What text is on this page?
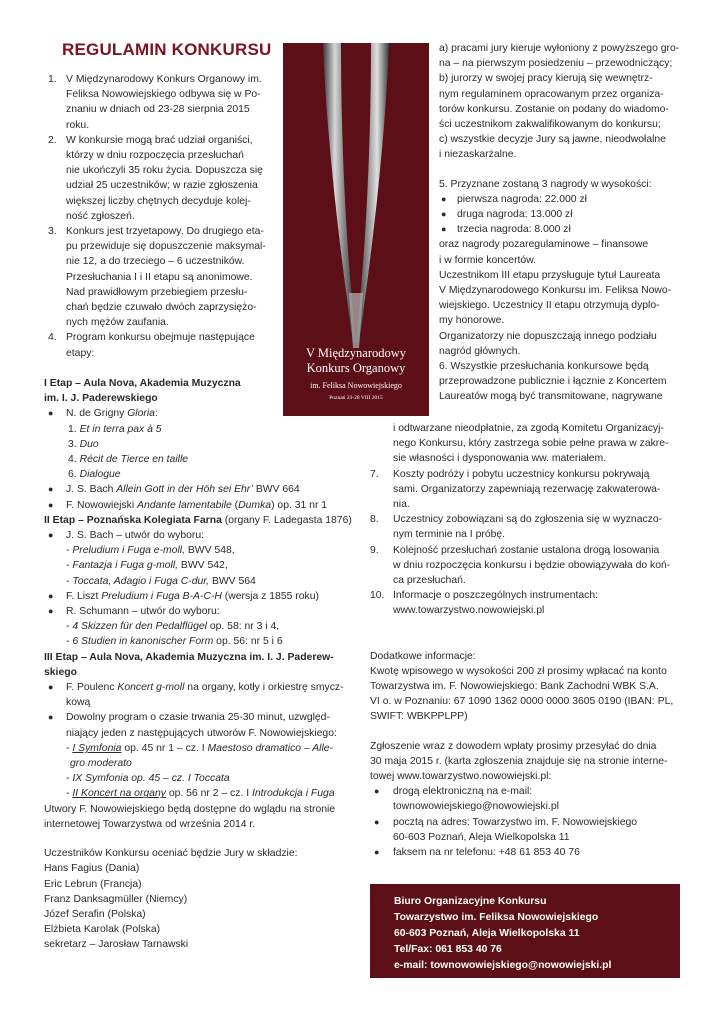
REGULAMIN KONKURSU
V Międzynarodowy
Konkurs Organowy
im. Feliksa Nowowiejskiego
Poznań 23-28 VIII 2015
1. V Międzynarodowy Konkurs Organowy im.
Feliksa Nowowiejskiego odbywa się w Po-
znaniu w dniach od 23-28 sierpnia 2015
roku.
2. W konkursie mogą brać udział organiści,
którzy w dniu rozpoczęcia przesłuchań
nie ukończyli 35 roku życia. Dopuszcza się
udział 25 uczestników; w razie zgłoszenia
większej liczby chętnych decyduje kolej-
ność zgłoszeń.
3. Konkurs jest trzyetapowy. Do drugiego eta-
pu przewiduje się dopuszczenie maksymal-
nie 12, a do trzeciego – 6 uczestników.
Przesłuchania I i II etapu są anonimowe.
Nad prawidłowym przebiegiem przesłu-
chań będzie czuwało dwóch zaprzysiężo-
nych mężów zaufania.
4. Program konkursu obejmuje następujące
etapy:
I Etap – Aula Nova, Akademia Muzyczna
im. I. J. Paderewskiego
● N. de Grigny Gloria:
1. Et in terra pax à 5
3. Duo
4. Récit de Tierce en taille
6. Dialogue
● J. S. Bach Allein Gott in der Höh sei Ehr’ BWV 664
● F. Nowowiejski Andante lamentabile (Dumka) op. 31 nr 1
II Etap – Poznańska Kolegiata Farna (organy F. Ladegasta 1876)
● J. S. Bach – utwór do wyboru:
- Preludium i Fuga e-moll, BWV 548,
- Fantazja i Fuga g-moll, BWV 542,
- Toccata, Adagio i Fuga C-dur, BWV 564
● F. Liszt Preludium i Fuga B-A-C-H (wersja z 1855 roku)
● R. Schumann – utwór do wyboru:
- 4 Skizzen für den Pedalflügel op. 58: nr 3 i 4,
- 6 Studien in kanonischer Form op. 56: nr 5 i 6
III Etap – Aula Nova, Akademia Muzyczna im. I. J. Paderew-
skiego
● F. Poulenc Koncert g-moll na organy, kotły i orkiestrę smycz-
kową
● Dowolny program o czasie trwania 25-30 minut, uzwględ-
niający jeden z następujących utworów F. Nowowiejskiego:
- I Symfonia op. 45 nr 1 – cz. I Maestoso dramatico – Alle-
gro moderato
- IX Symfonia op. 45 – cz. I Toccata
- II Koncert na organy op. 56 nr 2 – cz. I Introdukcja i Fuga
Utwory F. Nowowiejskiego będą dostępne do wglądu na stronie
internetowej Towarzystwa od września 2014 r.
Uczestników Konkursu oceniać będzie Jury w składzie:
Hans Fagius (Dania)
Eric Lebrun (Francja)
Franz Danksagmüller (Niemcy)
Józef Serafin (Polska)
Elżbieta Karolak (Polska)
sekretarz – Jarosław Tarnawski
a) pracami jury kieruje wyłoniony z powyższego gro-
na – na pierwszym posiedzeniu – przewodniczący;
b) jurorzy w swojej pracy kierują się wewnętrz-
nym regulaminem opracowanym przez organiza-
torów konkursu. Zostanie on podany do wiadomo-
ści uczestnikom zakwalifikowanym do konkursu;
c) wszystkie decyzje Jury są jawne, nieodwołalne
i niezaskarżalne.
5. Przyznane zostaną 3 nagrody w wysokości:
● pierwsza nagroda: 22.000 zł
● druga nagroda: 13.000 zł
● trzecia nagroda: 8.000 zł
oraz nagrody pozaregulaminowe – finansowe
i w formie koncertów.
Uczestnikom III etapu przysługuje tytuł Laureata
V Międzynarodowego Konkursu im. Feliksa Nowo-
wiejskiego. Uczestnicy II etapu otrzymują dyplo-
my honorowe.
Organizatorzy nie dopuszczają innego podziału
nagród głównych.
6. Wszystkie przesłuchania konkursowe będą
przeprowadzone publicznie i łącznie z Koncertem
Laureatów mogą być transmitowane, nagrywane
i odtwarzane nieodpłatnie, za zgodą Komitetu Organizacyj-
nego Konkursu, który zastrzega sobie pełne prawa w zakre-
sie własności i dysponowania ww. materiałem.
7. Koszty podróży i pobytu uczestnicy konkursu pokrywają
sami. Organizatorzy zapewniają rezerwację zakwaterowa-
nia.
8. Uczestnicy zobowiązani są do zgłoszenia się w wyznaczo-
nym terminie na I próbę.
9. Kolejność przesłuchań zostanie ustalona drogą losowania
w dniu rozpoczęcia konkursu i będzie obowiązywała do koń-
ca przesłuchań.
10. Informacje o poszczególnych instrumentach:
www.towarzystwo.nowowiejski.pl
Dodatkowe informacje:
Kwotę wpisowego w wysokości 200 zł prosimy wpłacać na konto
Towarzystwa im. F. Nowowiejskiego: Bank Zachodni WBK S.A.
VI o. w Poznaniu: 67 1090 1362 0000 0000 3605 0190 (IBAN: PL,
SWIFT: WBKPPLPP)
Zgłoszenie wraz z dowodem wpłaty prosimy przesyłać do dnia
30 maja 2015 r. (karta zgłoszenia znajduje się na stronie interne-
towej www.towarzystwo.nowowiejski.pl:
● drogą elektroniczną na e-mail:
townowowiejskiego@nowowiejski.pl
● pocztą na adres: Towarzystwo im. F. Nowowiejskiego
60-603 Poznań, Aleja Wielkopolska 11
● faksem na nr telefonu: +48 61 853 40 76
Biuro Organizacyjne Konkursu
Towarzystwo im. Feliksa Nowowiejskiego
60-603 Poznań, Aleja Wielkopolska 11
Tel/Fax: 061 853 40 76
e-mail: townowowiejskiego@nowowiejski.pl
